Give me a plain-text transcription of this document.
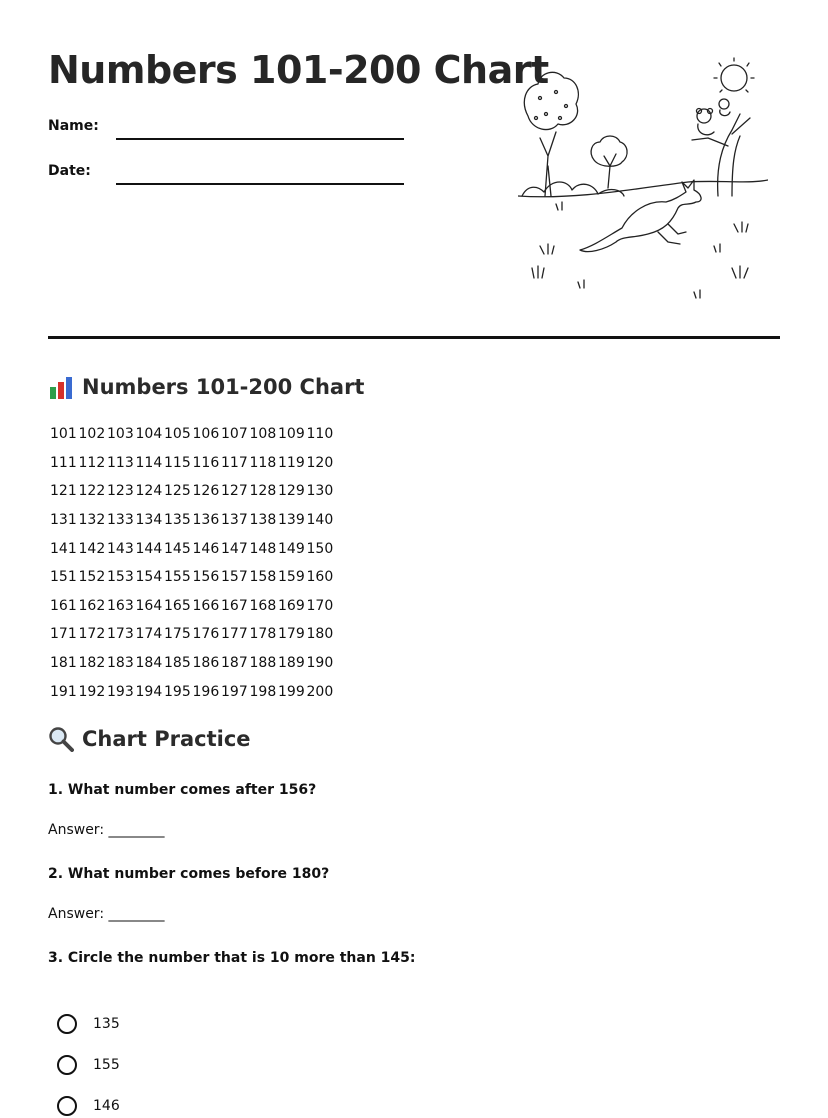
Numbers 101-200 Chart
Name:
Date:
Numbers 101-200 Chart
101 102 103 104 105 106 107 108 109 110
111 112 113 114 115 116 117 118 119 120
121 122 123 124 125 126 127 128 129 130
131 132 133 134 135 136 137 138 139 140
141 142 143 144 145 146 147 148 149 150
151 152 153 154 155 156 157 158 159 160
161 162 163 164 165 166 167 168 169 170
171 172 173 174 175 176 177 178 179 180
181 182 183 184 185 186 187 188 189 190
191 192 193 194 195 196 197 198 199 200
Chart Practice
1. What number comes after 156?
Answer: ________
2. What number comes before 180?
Answer: ________
3. Circle the number that is 10 more than 145:
135
155
146
